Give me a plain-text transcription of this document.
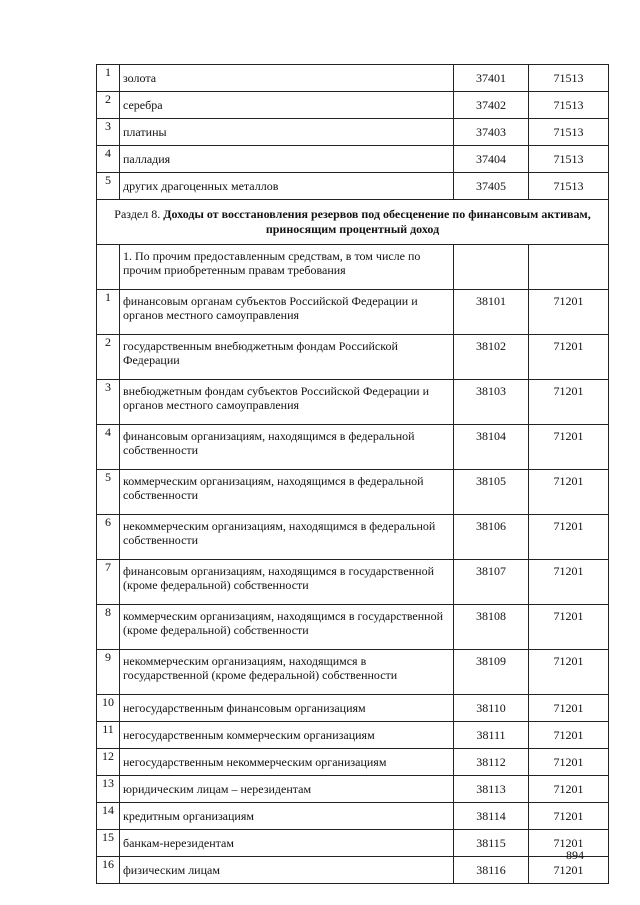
1	золота	37401	71513
2	серебра	37402	71513
3	платины	37403	71513
4	палладия	37404	71513
5	других драгоценных металлов	37405	71513
Раздел 8. Доходы от восстановления резервов под обесценение по финансовым активам, приносящим процентный доход			
	1. По прочим предоставленным средствам, в том числе по прочим приобретенным правам требования		
1	финансовым органам субъектов Российской Федерации и органов местного самоуправления	38101	71201
2	государственным внебюджетным фондам Российской Федерации	38102	71201
3	внебюджетным фондам субъектов Российской Федерации и органов местного самоуправления	38103	71201
4	финансовым организациям, находящимся в федеральной собственности	38104	71201
5	коммерческим организациям, находящимся в федеральной собственности	38105	71201
6	некоммерческим организациям, находящимся в федеральной собственности	38106	71201
7	финансовым организациям, находящимся в государственной (кроме федеральной) собственности	38107	71201
8	коммерческим организациям, находящимся в государственной (кроме федеральной) собственности	38108	71201
9	некоммерческим организациям, находящимся в государственной (кроме федеральной) собственности	38109	71201
10	негосударственным финансовым организациям	38110	71201
11	негосударственным коммерческим организациям	38111	71201
12	негосударственным некоммерческим организациям	38112	71201
13	юридическим лицам – нерезидентам	38113	71201
14	кредитным организациям	38114	71201
15	банкам-нерезидентам	38115	71201
16	физическим лицам	38116	71201
894
